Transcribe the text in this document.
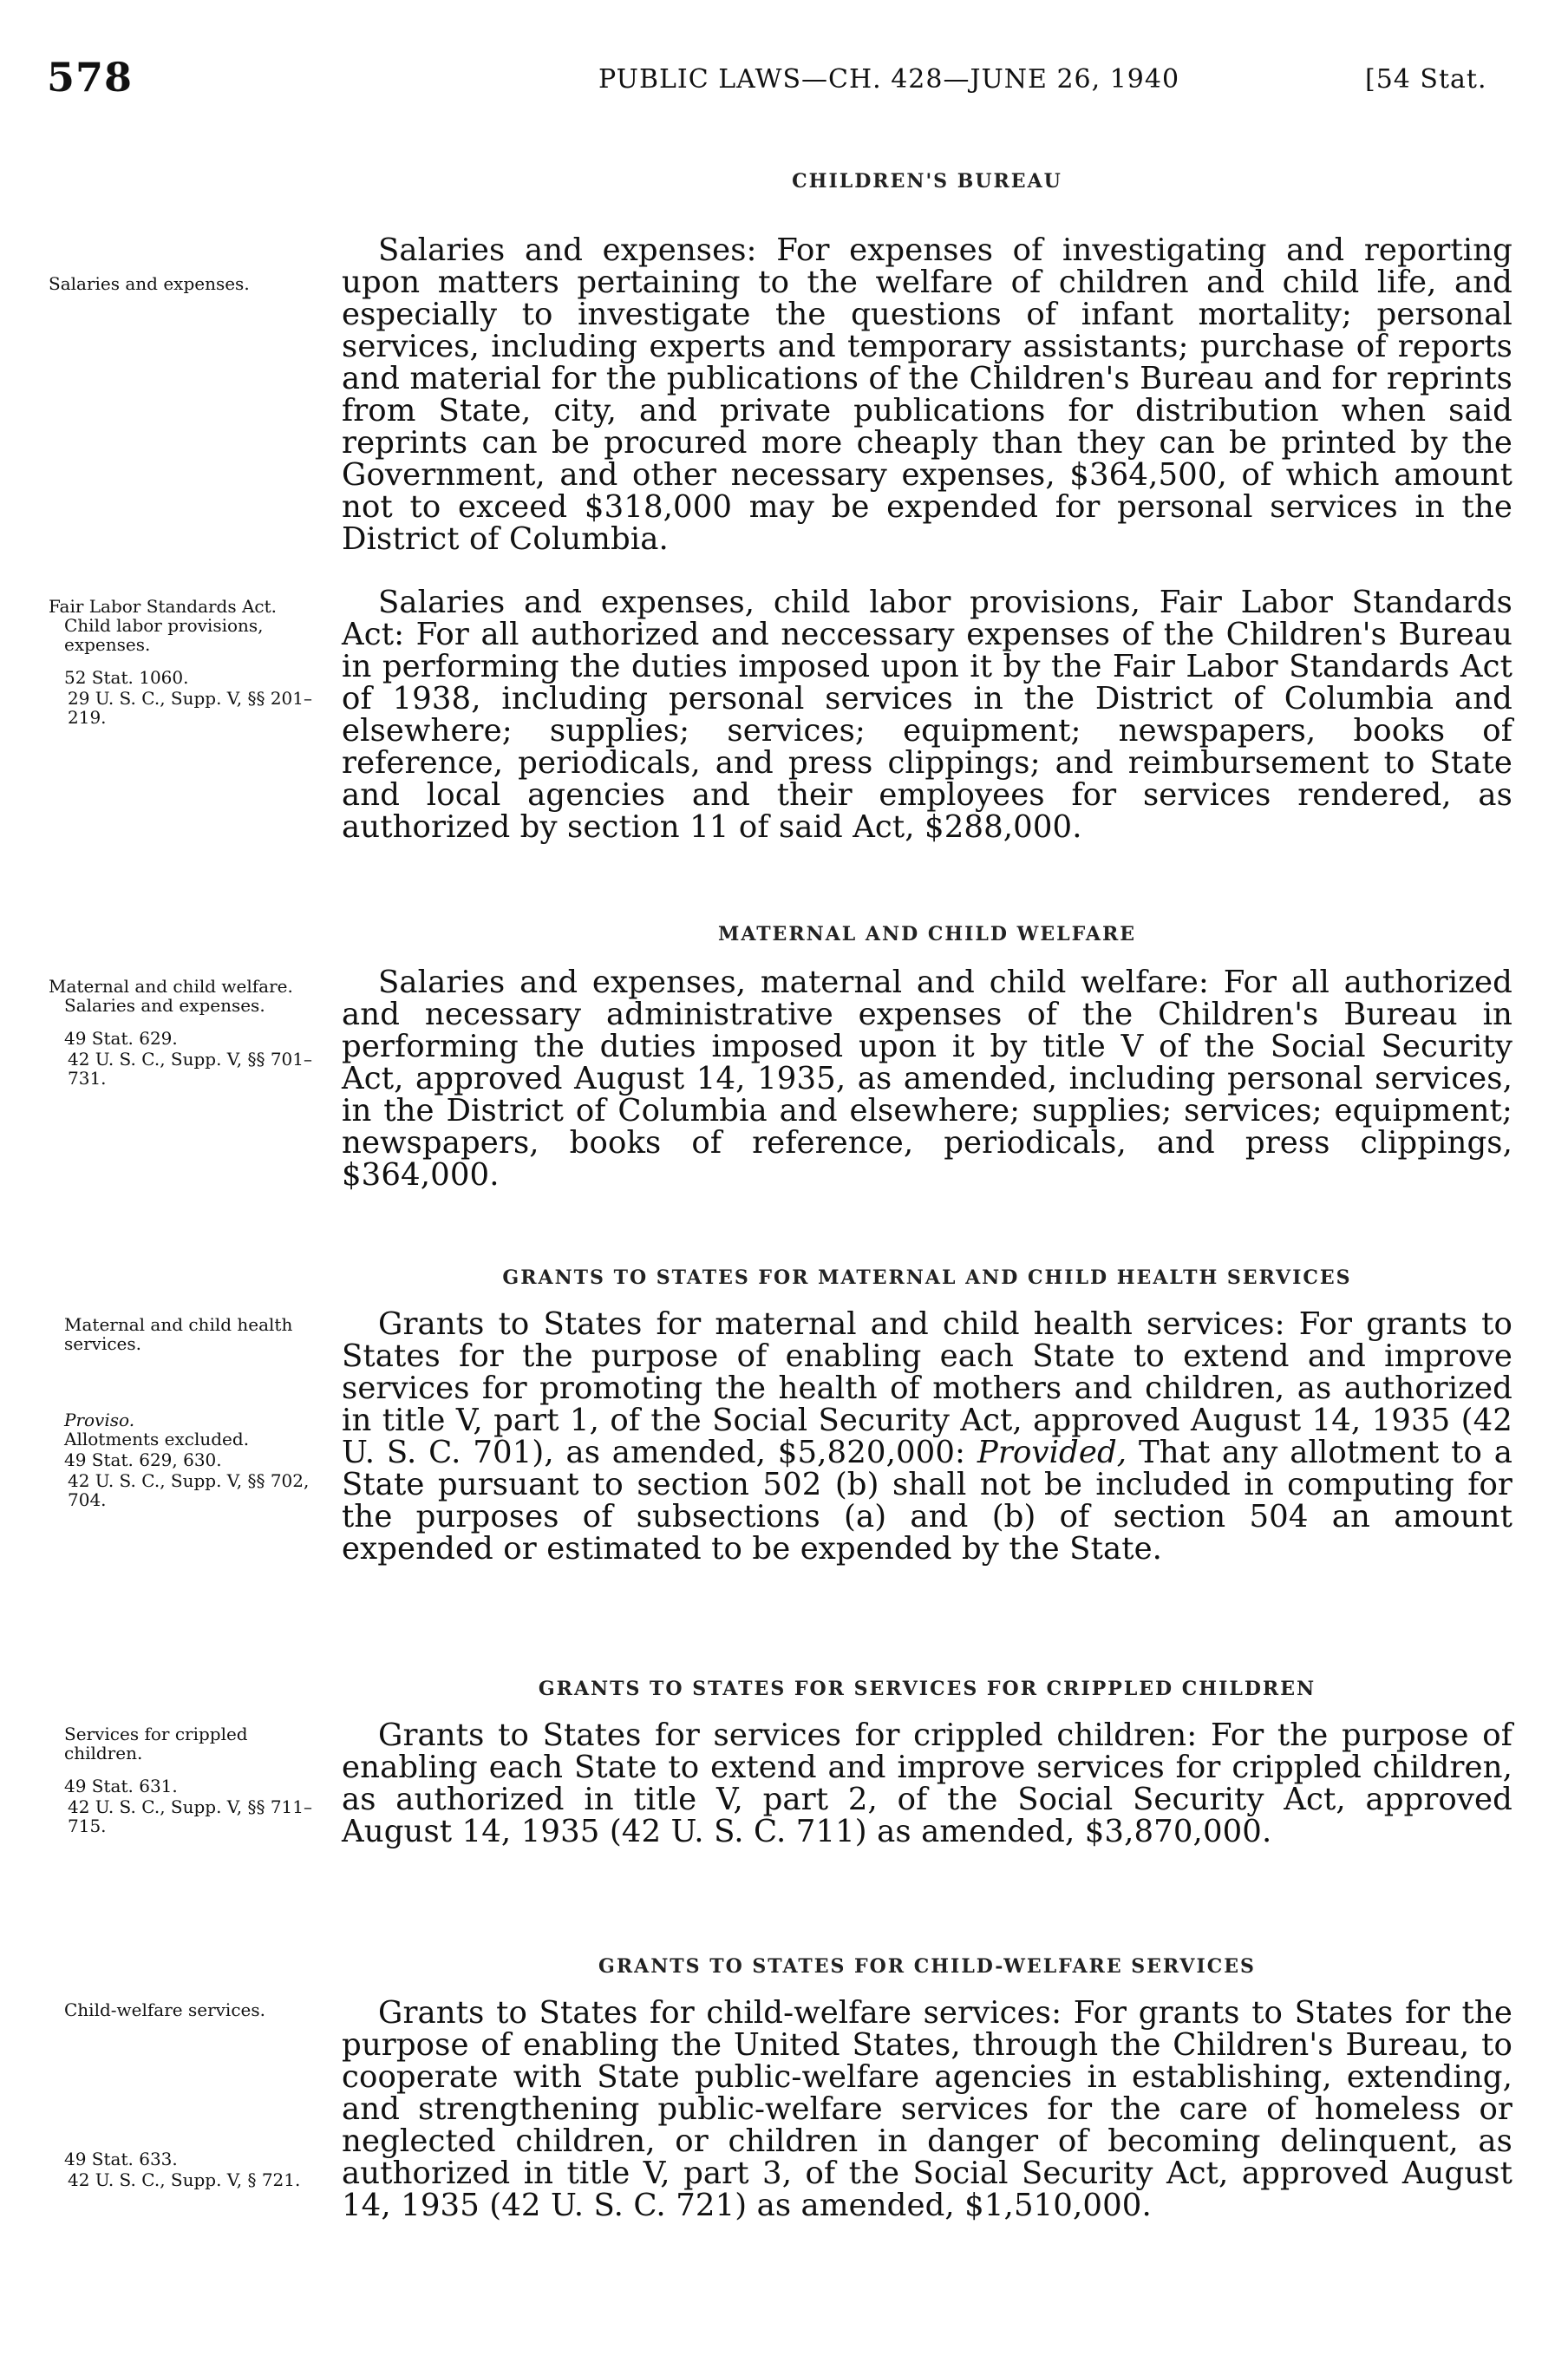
578	PUBLIC LAWS—CH. 428—JUNE 26, 1940	[54 Stat.
CHILDREN'S BUREAU
Salaries and expenses.

Salaries and expenses: For expenses of investigating and reporting upon matters pertaining to the welfare of children and child life, and especially to investigate the questions of infant mortality; personal services, including experts and temporary assistants; purchase of reports and material for the publications of the Children's Bureau and for reprints from State, city, and private publications for distribution when said reprints can be procured more cheaply than they can be printed by the Government, and other necessary expenses, $364,500, of which amount not to exceed $318,000 may be expended for personal services in the District of Columbia.

Fair Labor Standards Act.
Child labor provisions, expenses.
52 Stat. 1060.
29 U. S. C., Supp. V, §§ 201–219.

Salaries and expenses, child labor provisions, Fair Labor Standards Act: For all authorized and neccessary expenses of the Children's Bureau in performing the duties imposed upon it by the Fair Labor Standards Act of 1938, including personal services in the District of Columbia and elsewhere; supplies; services; equipment; newspapers, books of reference, periodicals, and press clippings; and reimbursement to State and local agencies and their employees for services rendered, as authorized by section 11 of said Act, $288,000.

MATERNAL AND CHILD WELFARE
Maternal and child welfare.
Salaries and expenses.
49 Stat. 629.
42 U. S. C., Supp. V, §§ 701–731.

Salaries and expenses, maternal and child welfare: For all authorized and necessary administrative expenses of the Children's Bureau in performing the duties imposed upon it by title V of the Social Security Act, approved August 14, 1935, as amended, including personal services, in the District of Columbia and elsewhere; supplies; services; equipment; newspapers, books of reference, periodicals, and press clippings, $364,000.

GRANTS TO STATES FOR MATERNAL AND CHILD HEALTH SERVICES
Maternal and child health services.
Proviso.
Allotments excluded.
49 Stat. 629, 630.
42 U. S. C., Supp. V, §§ 702, 704.

Grants to States for maternal and child health services: For grants to States for the purpose of enabling each State to extend and improve services for promoting the health of mothers and children, as authorized in title V, part 1, of the Social Security Act, approved August 14, 1935 (42 U. S. C. 701), as amended, $5,820,000: Provided, That any allotment to a State pursuant to section 502 (b) shall not be included in computing for the purposes of subsections (a) and (b) of section 504 an amount expended or estimated to be expended by the State.

GRANTS TO STATES FOR SERVICES FOR CRIPPLED CHILDREN
Services for crippled children.
49 Stat. 631.
42 U. S. C., Supp. V, §§ 711–715.

Grants to States for services for crippled children: For the purpose of enabling each State to extend and improve services for crippled children, as authorized in title V, part 2, of the Social Security Act, approved August 14, 1935 (42 U. S. C. 711) as amended, $3,870,000.

GRANTS TO STATES FOR CHILD-WELFARE SERVICES
Child-welfare services.
49 Stat. 633.
42 U. S. C., Supp. V, § 721.

Grants to States for child-welfare services: For grants to States for the purpose of enabling the United States, through the Children's Bureau, to cooperate with State public-welfare agencies in establishing, extending, and strengthening public-welfare services for the care of homeless or neglected children, or children in danger of becoming delinquent, as authorized in title V, part 3, of the Social Security Act, approved August 14, 1935 (42 U. S. C. 721) as amended, $1,510,000.
